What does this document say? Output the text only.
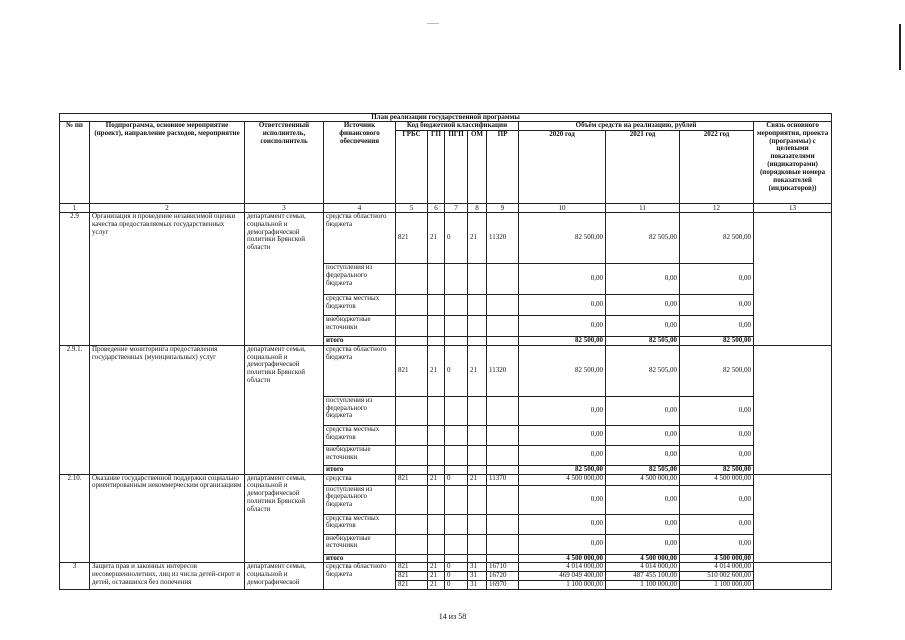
План реализации государственной программы												
№ пп	Подпрограмма, основное мероприятие (проект), направление расходов, мероприятие	Ответственный исполнитель, соисполнитель	Источник финансового обеспечения	Код бюджетной классификации					Объём средств на реализацию, рублей			Связь основного мероприятия, проекта (программы) с целевыми показателями (индикаторами) (порядковые номера показателей (индикаторов))
				ГРБС	ГП	ПГП	ОМ	ПР	2020 год	2021 год	2022 год	
1	2	3	4	5	6	7	8	9	10	11	12	13
2.9	Организация и проведение независимой оценки качества предоставляемых государственных услуг	департамент семьи, социальной и демографической политики Брянской области	средства областного бюджета	821	21	0	21	11320	82 500,00	82 505,00	82 500,00	
			поступления из федерального бюджета						0,00	0,00	0,00	
			средства местных бюджетов						0,00	0,00	0,00	
			внебюджетные источники						0,00	0,00	0,00	
			итого						82 500,00	82 505,00	82 500,00	
2.9.1.	Проведение мониторинга предоставления государственных (муниципальных) услуг	департамент семьи, социальной и демографической политики Брянской области	средства областного бюджета	821	21	0	21	11320	82 500,00	82 505,00	82 500,00	
			поступления из федерального бюджета						0,00	0,00	0,00	
			средства местных бюджетов						0,00	0,00	0,00	
			внебюджетные источники						0,00	0,00	0,00	
			итого						82 500,00	82 505,00	82 500,00	
2.10.	Оказание государственной поддержки социально ориентированным некоммерческим организациям	департамент семьи, социальной и демографической политики Брянской области	средства	821	21	0	21	11370	4 500 000,00	4 500 000,00	4 500 000,00	
			поступления из федерального бюджета						0,00	0,00	0,00	
			средства местных бюджетов						0,00	0,00	0,00	
			внебюджетные источники						0,00	0,00	0,00	
			итого						4 500 000,00	4 500 000,00	4 500 000,00	
3	Защита прав и законных интересов несовершеннолетних, лиц из числа детей-сирот и детей, оставшихся без попечения	департамент семьи, социальной и демографической	средства областного бюджета	821	21	0	31	16710	4 014 000,00	4 014 000,00	4 014 000,00	
				821	21	0	31	16720	469 049 400,00	487 455 100,00	510 002 600,00	
				821	21	0	31	16970	1 100 000,00	1 100 000,00	1 100 000,00	
14 из 58
